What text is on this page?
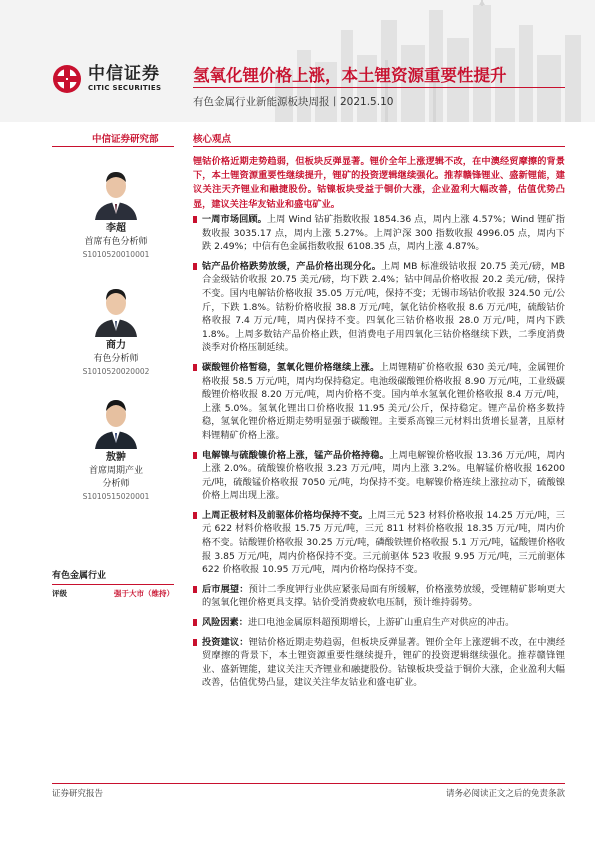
中信证券
CITIC SECURITIES
氢氧化锂价格上涨，本土锂资源重要性提升
有色金属行业新能源板块周报丨2021.5.10
中信证券研究部	核心观点
李超
首席有色分析师
S1010520010001
商力
有色分析师
S1010520020002
敖翀
首席周期产业
分析师
S1010515020001
有色金属行业
评级	强于大市（维持）
锂钴价格近期走势趋弱，但板块反弹显著。锂价全年上涨逻辑不改，在中澳经贸摩擦的背景下，本土锂资源重要性继续提升，锂矿的投资逻辑继续强化。推荐赣锋锂业、盛新锂能，建议关注天齐锂业和融捷股份。钴镍板块受益于铜价大涨，企业盈利大幅改善，估值优势凸显，建议关注华友钴业和盛屯矿业。
一周市场回顾。上周 Wind 钴矿指数收报 1854.36 点，周内上涨 4.57%；Wind 锂矿指数收报 3035.17 点，周内上涨 5.27%。上周沪深 300 指数收报 4996.05 点，周内下跌 2.49%；中信有色金属指数收报 6108.35 点，周内上涨 4.87%。
钴产品价格跌势放缓，产品价格出现分化。上周 MB 标准级钴收报 20.75 美元/磅，MB 合金级钴价收报 20.75 美元/磅，均下跌 2.4%；钴中间品价格收报 20.2 美元/磅，保持不变。国内电解钴价格收报 35.05 万元/吨，保持不变；无锡市场钴价收报 324.50 元/公斤，下跌 1.8%。钴粉价格收报 38.8 万元/吨，氯化钴价格收报 8.6 万元/吨，硫酸钴价格收报 7.4 万元/吨，周内保持不变。四氧化三钴价格收报 28.0 万元/吨，周内下跌 1.8%。上周多数钴产品价格止跌，但消费电子用四氧化三钴价格继续下跌，二季度消费淡季对价格压制延续。
碳酸锂价格暂稳，氢氧化锂价格继续上涨。上周锂精矿价格收报 630 美元/吨，金属锂价格收报 58.5 万元/吨，周内均保持稳定。电池级碳酸锂价格收报 8.90 万元/吨，工业级碳酸锂价格收报 8.20 万元/吨，周内价格不变。国内单水氢氧化锂价格收报 8.4 万元/吨，上涨 5.0%。氢氧化锂出口价格收报 11.95 美元/公斤，保持稳定。锂产品价格多数持稳，氢氧化锂价格近期走势明显强于碳酸锂。主要系高镍三元材料出货增长显著，且原材料锂精矿价格上涨。
电解镍与硫酸镍价格上涨，锰产品价格持稳。上周电解镍价格收报 13.36 万元/吨，周内上涨 2.0%。硫酸镍价格收报 3.23 万元/吨，周内上涨 3.2%。电解锰价格收报 16200 元/吨，硫酸锰价格收报 7050 元/吨，均保持不变。电解镍价格连续上涨拉动下，硫酸镍价格上周出现上涨。
上周正极材料及前驱体价格均保持不变。上周三元 523 材料价格收报 14.25 万元/吨，三元 622 材料价格收报 15.75 万元/吨，三元 811 材料价格收报 18.35 万元/吨，周内价格不变。钴酸锂价格收报 30.25 万元/吨，磷酸铁锂价格收报 5.1 万元/吨，锰酸锂价格收报 3.85 万元/吨，周内价格保持不变。三元前驱体 523 收报 9.95 万元/吨，三元前驱体 622 价格收报 10.95 万元/吨，周内价格均保持不变。
后市展望：预计二季度钾行业供应紧张局面有所缓解，价格涨势放缓，受锂精矿影响更大的氢氧化锂价格更具支撑。钴价受消费疲软电压制，预计维持弱势。
风险因素：进口电池金属原料超预期增长，上游矿山重启生产对供应的冲击。
投资建议：锂钴价格近期走势趋弱，但板块反弹显著。锂价全年上涨逻辑不改，在中澳经贸摩擦的背景下，本土锂资源重要性继续提升，锂矿的投资逻辑继续强化。推荐赣锋锂业、盛新锂能，建议关注天齐锂业和融捷股份。钴镍板块受益于铜价大涨，企业盈利大幅改善，估值优势凸显，建议关注华友钴业和盛屯矿业。
证券研究报告	请务必阅读正文之后的免责条款
